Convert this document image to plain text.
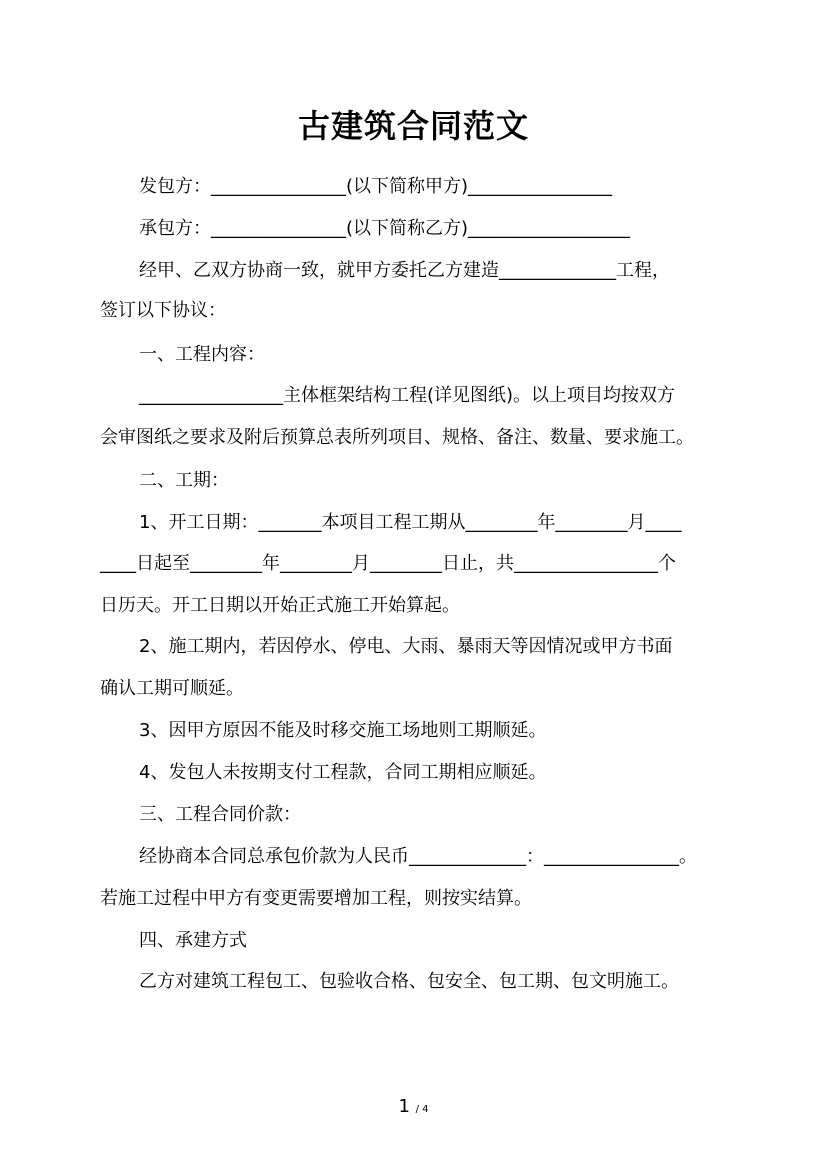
古建筑合同范文
发包方：_______________(以下简称甲方)________________
承包方：_______________(以下简称乙方)__________________
经甲、乙双方协商一致，就甲方委托乙方建造_____________工程，
签订以下协议：
一、工程内容：
________________主体框架结构工程(详见图纸)。以上项目均按双方
会审图纸之要求及附后预算总表所列项目、规格、备注、数量、要求施工。
二、工期：
1、开工日期：_______本项目工程工期从________年________月____
____日起至________年________月________日止，共________________个
日历天。开工日期以开始正式施工开始算起。
2、施工期内，若因停水、停电、大雨、暴雨天等因情况或甲方书面
确认工期可顺延。
3、因甲方原因不能及时移交施工场地则工期顺延。
4、发包人未按期支付工程款，合同工期相应顺延。
三、工程合同价款：
经协商本合同总承包价款为人民币_____________：_______________。
若施工过程中甲方有变更需要增加工程，则按实结算。
四、承建方式
乙方对建筑工程包工、包验收合格、包安全、包工期、包文明施工。
1 / 4
